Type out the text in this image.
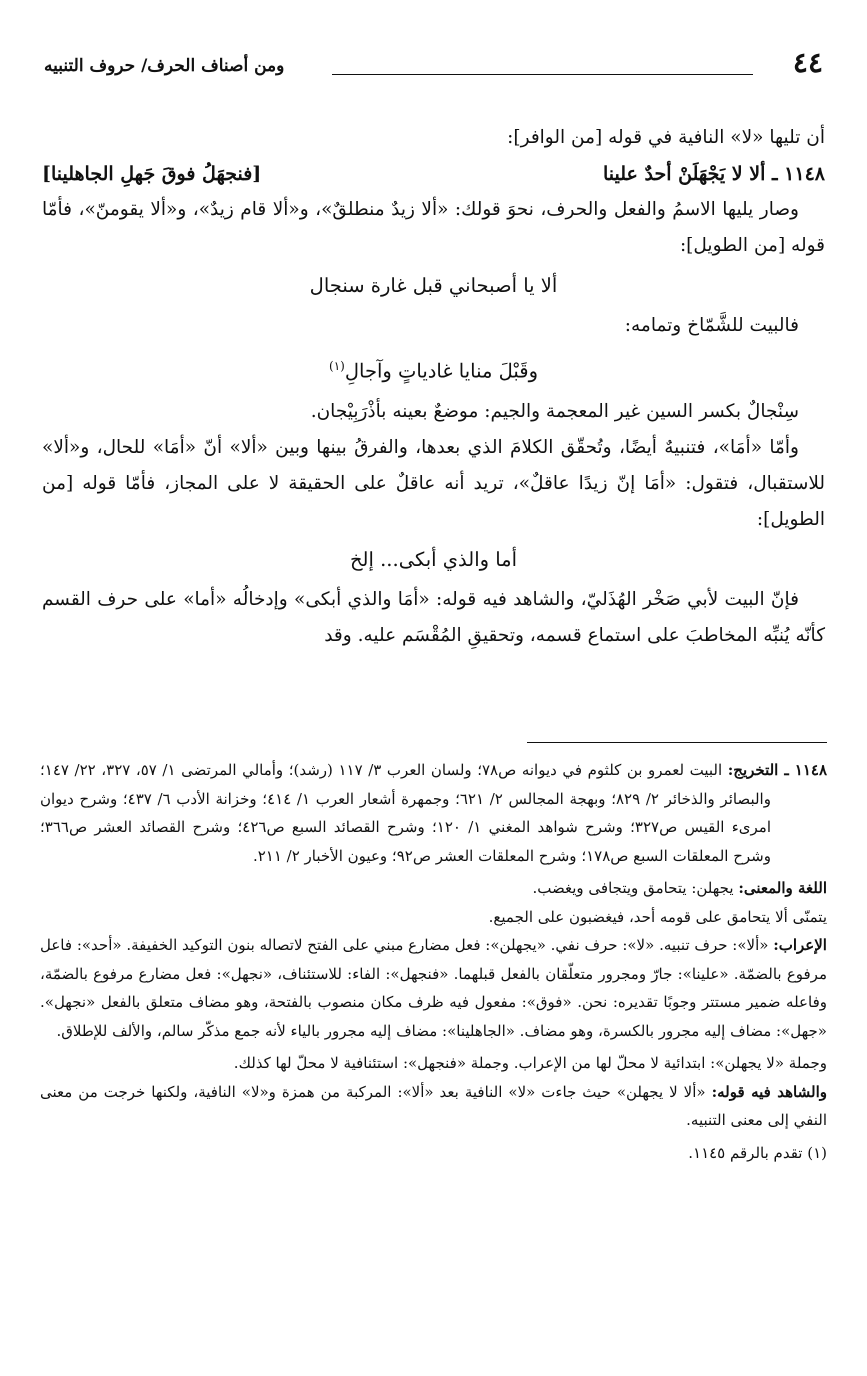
٤٤
ومن أصناف الحرف/ حروف التنبيه

أن تليها «لا» النافية في قوله [من الوافر]:

١١٤٨ ـ ألا لا يَجْهَلَنْ أحدٌ علينا
[فنجهَلُ فوقَ جَهلِ الجاهلينا]

وصار يليها الاسمُ والفعل والحرف، نحوَ قولك: «ألا زيدٌ منطلقٌ»، و«ألا قام زيدٌ»، و«ألا يقومنّ»، فأمّا قوله [من الطويل]:

ألا يا أصبحاني قبل غارة سنجال

فالبيت للشَّمّاخ وتمامه:

وقَبْلَ منايا غادياتٍ وآجالِ$^{(١)}$

سِنْجالٌ بكسر السين غير المعجمة والجيم: موضعٌ بعينه بأذْرَبِيْجان.

وأمّا «أمَا»، فتنبيهٌ أيضًا، وتُحقّق الكلامَ الذي بعدها، والفرقُ بينها وبين «ألا» أنّ «أمَا» للحال، و«ألا» للاستقبال، فتقول: «أمَا إنّ زيدًا عاقلٌ»، تريد أنه عاقلٌ على الحقيقة لا على المجاز، فأمّا قوله [من الطويل]:

أما والذي أبكى... إلخ

فإنّ البيت لأبي صَخْر الهُذَليّ، والشاهد فيه قوله: «أمَا والذي أبكى» وإدخالُه «أما» على حرف القسم كأنّه يُنبِّه المخاطبَ على استماع قسمه، وتحقيقِ المُقْسَم عليه. وقد

١١٤٨ ـ التخريج: البيت لعمرو بن كلثوم في ديوانه ص٧٨؛ ولسان العرب ٣/ ١١٧ (رشد)؛ وأمالي المرتضى ١/ ٥٧، ٣٢٧، ٢٢/ ١٤٧؛ والبصائر والذخائر ٢/ ٨٢٩؛ وبهجة المجالس ٢/ ٦٢١؛ وجمهرة أشعار العرب ١/ ٤١٤؛ وخزانة الأدب ٦/ ٤٣٧؛ وشرح ديوان امرىء القيس ص٣٢٧؛ وشرح شواهد المغني ١/ ١٢٠؛ وشرح القصائد السبع ص٤٢٦؛ وشرح القصائد العشر ص٣٦٦؛ وشرح المعلقات السبع ص١٧٨؛ وشرح المعلقات العشر ص٩٢؛ وعيون الأخبار ٢/ ٢١١.

اللغة والمعنى: يجهلن: يتحامق ويتجافى ويغضب.

يتمنّى ألا يتحامق على قومه أحد، فيغضبون على الجميع.

الإعراب: «ألا»: حرف تنبيه. «لا»: حرف نفي. «يجهلن»: فعل مضارع مبني على الفتح لاتصاله بنون التوكيد الخفيفة. «أحد»: فاعل مرفوع بالضمّة. «علينا»: جارّ ومجرور متعلّقان بالفعل قبلهما. «فنجهل»: الفاء: للاستئناف، «نجهل»: فعل مضارع مرفوع بالضمّة، وفاعله ضمير مستتر وجوبًا تقديره: نحن. «فوق»: مفعول فيه ظرف مكان منصوب بالفتحة، وهو مضاف متعلق بالفعل «نجهل». «جهل»: مضاف إليه مجرور بالكسرة، وهو مضاف. «الجاهلينا»: مضاف إليه مجرور بالياء لأنه جمع مذكّر سالم، والألف للإطلاق.

وجملة «لا يجهلن»: ابتدائية لا محلّ لها من الإعراب. وجملة «فنجهل»: استئنافية لا محلّ لها كذلك.

والشاهد فيه قوله: «ألا لا يجهلن» حيث جاءت «لا» النافية بعد «ألا»: المركبة من همزة و«لا» النافية، ولكنها خرجت من معنى النفي إلى معنى التنبيه.

(١) تقدم بالرقم ١١٤٥.
